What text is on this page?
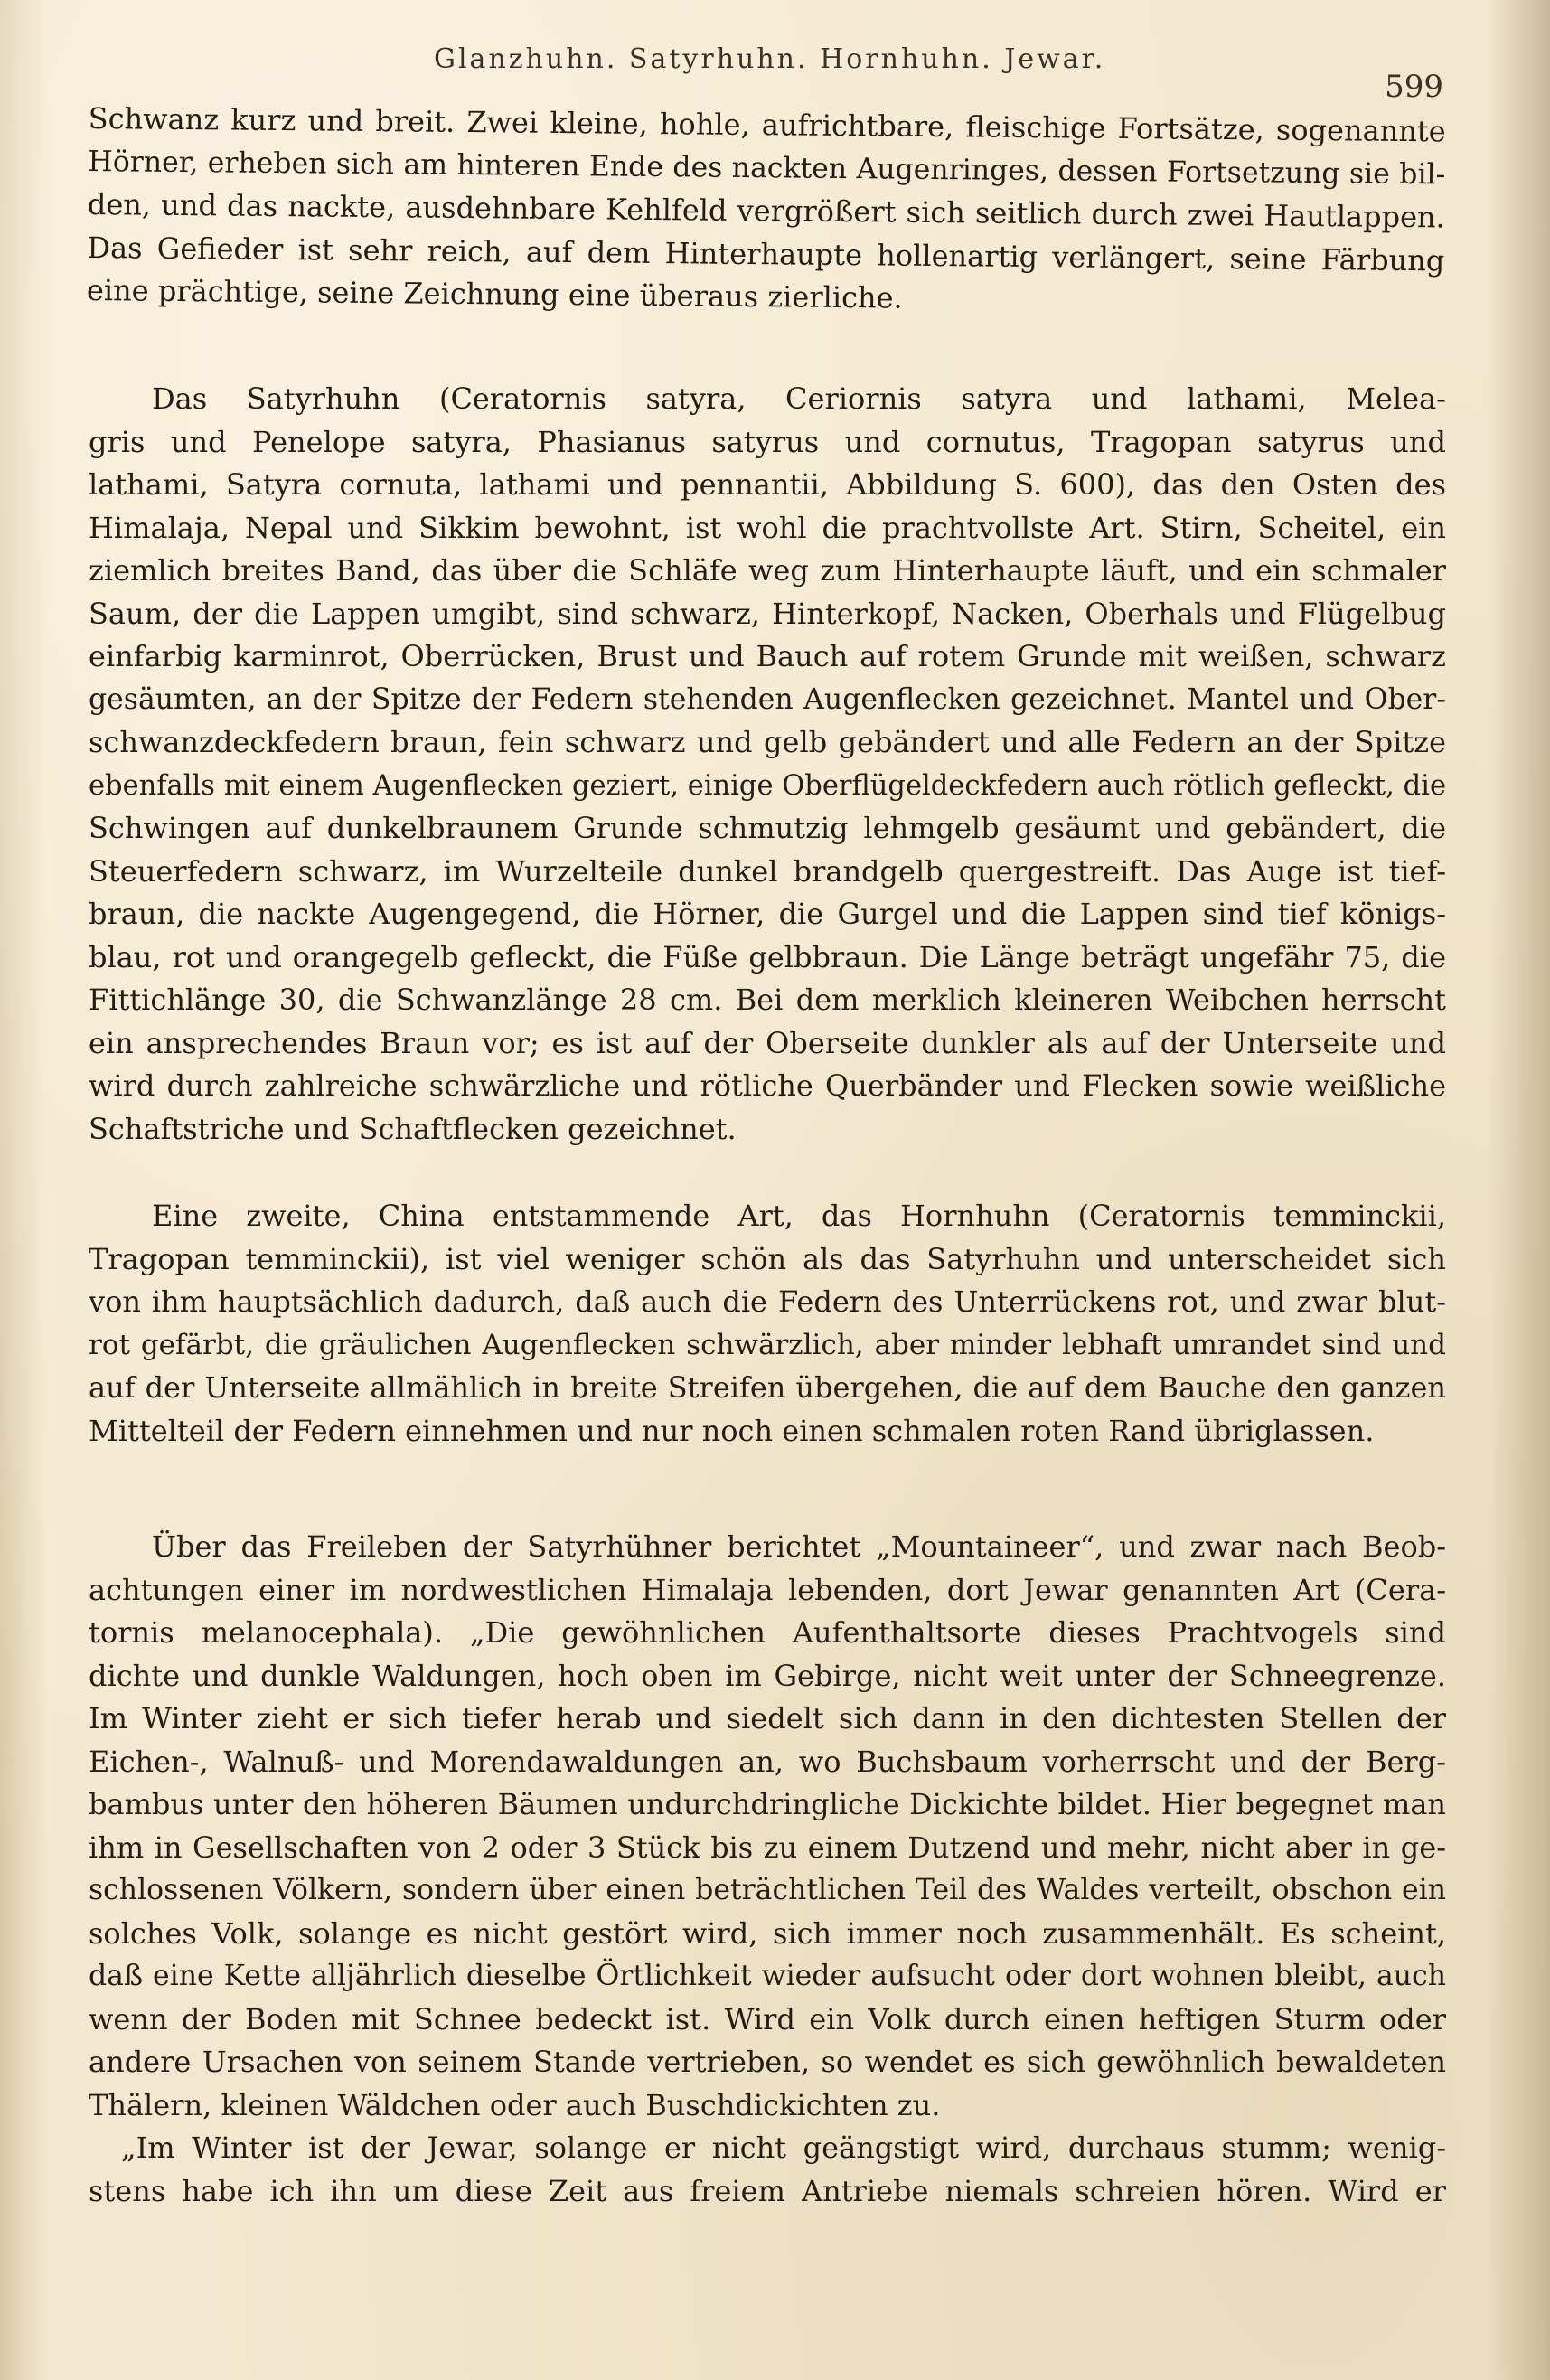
Glanzhuhn. Satyrhuhn. Hornhuhn. Jewar.
599
Schwanz kurz und breit. Zwei kleine, hohle, aufrichtbare, fleischige Fortsätze, sogenannte
Hörner, erheben sich am hinteren Ende des nackten Augenringes, dessen Fortsetzung sie bil-
den, und das nackte, ausdehnbare Kehlfeld vergrößert sich seitlich durch zwei Hautlappen.
Das Gefieder ist sehr reich, auf dem Hinterhaupte hollenartig verlängert, seine Färbung
eine prächtige, seine Zeichnung eine überaus zierliche.
Das Satyrhuhn (Ceratornis satyra, Ceriornis satyra und lathami, Melea-
gris und Penelope satyra, Phasianus satyrus und cornutus, Tragopan satyrus und
lathami, Satyra cornuta, lathami und pennantii, Abbildung S. 600), das den Osten des
Himalaja, Nepal und Sikkim bewohnt, ist wohl die prachtvollste Art. Stirn, Scheitel, ein
ziemlich breites Band, das über die Schläfe weg zum Hinterhaupte läuft, und ein schmaler
Saum, der die Lappen umgibt, sind schwarz, Hinterkopf, Nacken, Oberhals und Flügelbug
einfarbig karminrot, Oberrücken, Brust und Bauch auf rotem Grunde mit weißen, schwarz
gesäumten, an der Spitze der Federn stehenden Augenflecken gezeichnet. Mantel und Ober-
schwanzdeckfedern braun, fein schwarz und gelb gebändert und alle Federn an der Spitze
ebenfalls mit einem Augenflecken geziert, einige Oberflügeldeckfedern auch rötlich gefleckt, die
Schwingen auf dunkelbraunem Grunde schmutzig lehmgelb gesäumt und gebändert, die
Steuerfedern schwarz, im Wurzelteile dunkel brandgelb quergestreift. Das Auge ist tief-
braun, die nackte Augengegend, die Hörner, die Gurgel und die Lappen sind tief königs-
blau, rot und orangegelb gefleckt, die Füße gelbbraun. Die Länge beträgt ungefähr 75, die
Fittichlänge 30, die Schwanzlänge 28 cm. Bei dem merklich kleineren Weibchen herrscht
ein ansprechendes Braun vor; es ist auf der Oberseite dunkler als auf der Unterseite und
wird durch zahlreiche schwärzliche und rötliche Querbänder und Flecken sowie weißliche
Schaftstriche und Schaftflecken gezeichnet.
Eine zweite, China entstammende Art, das Hornhuhn (Ceratornis temminckii,
Tragopan temminckii), ist viel weniger schön als das Satyrhuhn und unterscheidet sich
von ihm hauptsächlich dadurch, daß auch die Federn des Unterrückens rot, und zwar blut-
rot gefärbt, die gräulichen Augenflecken schwärzlich, aber minder lebhaft umrandet sind und
auf der Unterseite allmählich in breite Streifen übergehen, die auf dem Bauche den ganzen
Mittelteil der Federn einnehmen und nur noch einen schmalen roten Rand übriglassen.
Über das Freileben der Satyrhühner berichtet „Mountaineer“, und zwar nach Beob-
achtungen einer im nordwestlichen Himalaja lebenden, dort Jewar genannten Art (Cera-
tornis melanocephala). „Die gewöhnlichen Aufenthaltsorte dieses Prachtvogels sind
dichte und dunkle Waldungen, hoch oben im Gebirge, nicht weit unter der Schneegrenze.
Im Winter zieht er sich tiefer herab und siedelt sich dann in den dichtesten Stellen der
Eichen-, Walnuß- und Morendawaldungen an, wo Buchsbaum vorherrscht und der Berg-
bambus unter den höheren Bäumen undurchdringliche Dickichte bildet. Hier begegnet man
ihm in Gesellschaften von 2 oder 3 Stück bis zu einem Dutzend und mehr, nicht aber in ge-
schlossenen Völkern, sondern über einen beträchtlichen Teil des Waldes verteilt, obschon ein
solches Volk, solange es nicht gestört wird, sich immer noch zusammenhält. Es scheint,
daß eine Kette alljährlich dieselbe Örtlichkeit wieder aufsucht oder dort wohnen bleibt, auch
wenn der Boden mit Schnee bedeckt ist. Wird ein Volk durch einen heftigen Sturm oder
andere Ursachen von seinem Stande vertrieben, so wendet es sich gewöhnlich bewaldeten
Thälern, kleinen Wäldchen oder auch Buschdickichten zu.
„Im Winter ist der Jewar, solange er nicht geängstigt wird, durchaus stumm; wenig-
stens habe ich ihn um diese Zeit aus freiem Antriebe niemals schreien hören. Wird er
